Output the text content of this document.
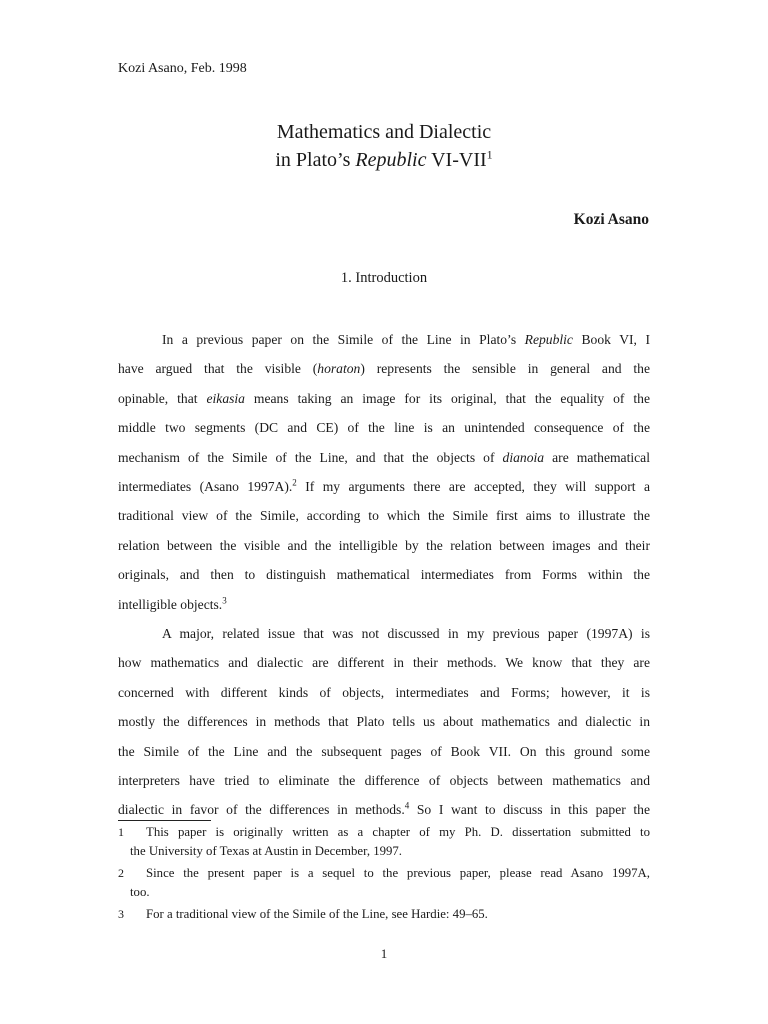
Kozi Asano, Feb. 1998
Mathematics and Dialectic
in Plato’s Republic VI-VII$^1$
Kozi Asano
1. Introduction
In a previous paper on the Simile of the Line in Plato’s Republic Book VI, I
have argued that the visible (horaton) represents the sensible in general and the
opinable, that eikasia means taking an image for its original, that the equality of the
middle two segments (DC and CE) of the line is an unintended consequence of the
mechanism of the Simile of the Line, and that the objects of dianoia are mathematical
intermediates (Asano 1997A).$^2$ If my arguments there are accepted, they will support a
traditional view of the Simile, according to which the Simile first aims to illustrate the
relation between the visible and the intelligible by the relation between images and their
originals, and then to distinguish mathematical intermediates from Forms within the
intelligible objects.$^3$
A major, related issue that was not discussed in my previous paper (1997A) is
how mathematics and dialectic are different in their methods. We know that they are
concerned with different kinds of objects, intermediates and Forms; however, it is
mostly the differences in methods that Plato tells us about mathematics and dialectic in
the Simile of the Line and the subsequent pages of Book VII. On this ground some
interpreters have tried to eliminate the difference of objects between mathematics and
dialectic in favor of the differences in methods.$^4$ So I want to discuss in this paper the
1	This paper is originally written as a chapter of my Ph. D. dissertation submitted to
the University of Texas at Austin in December, 1997.
2	Since the present paper is a sequel to the previous paper, please read Asano 1997A,
too.
3	For a traditional view of the Simile of the Line, see Hardie: 49–65.
1
